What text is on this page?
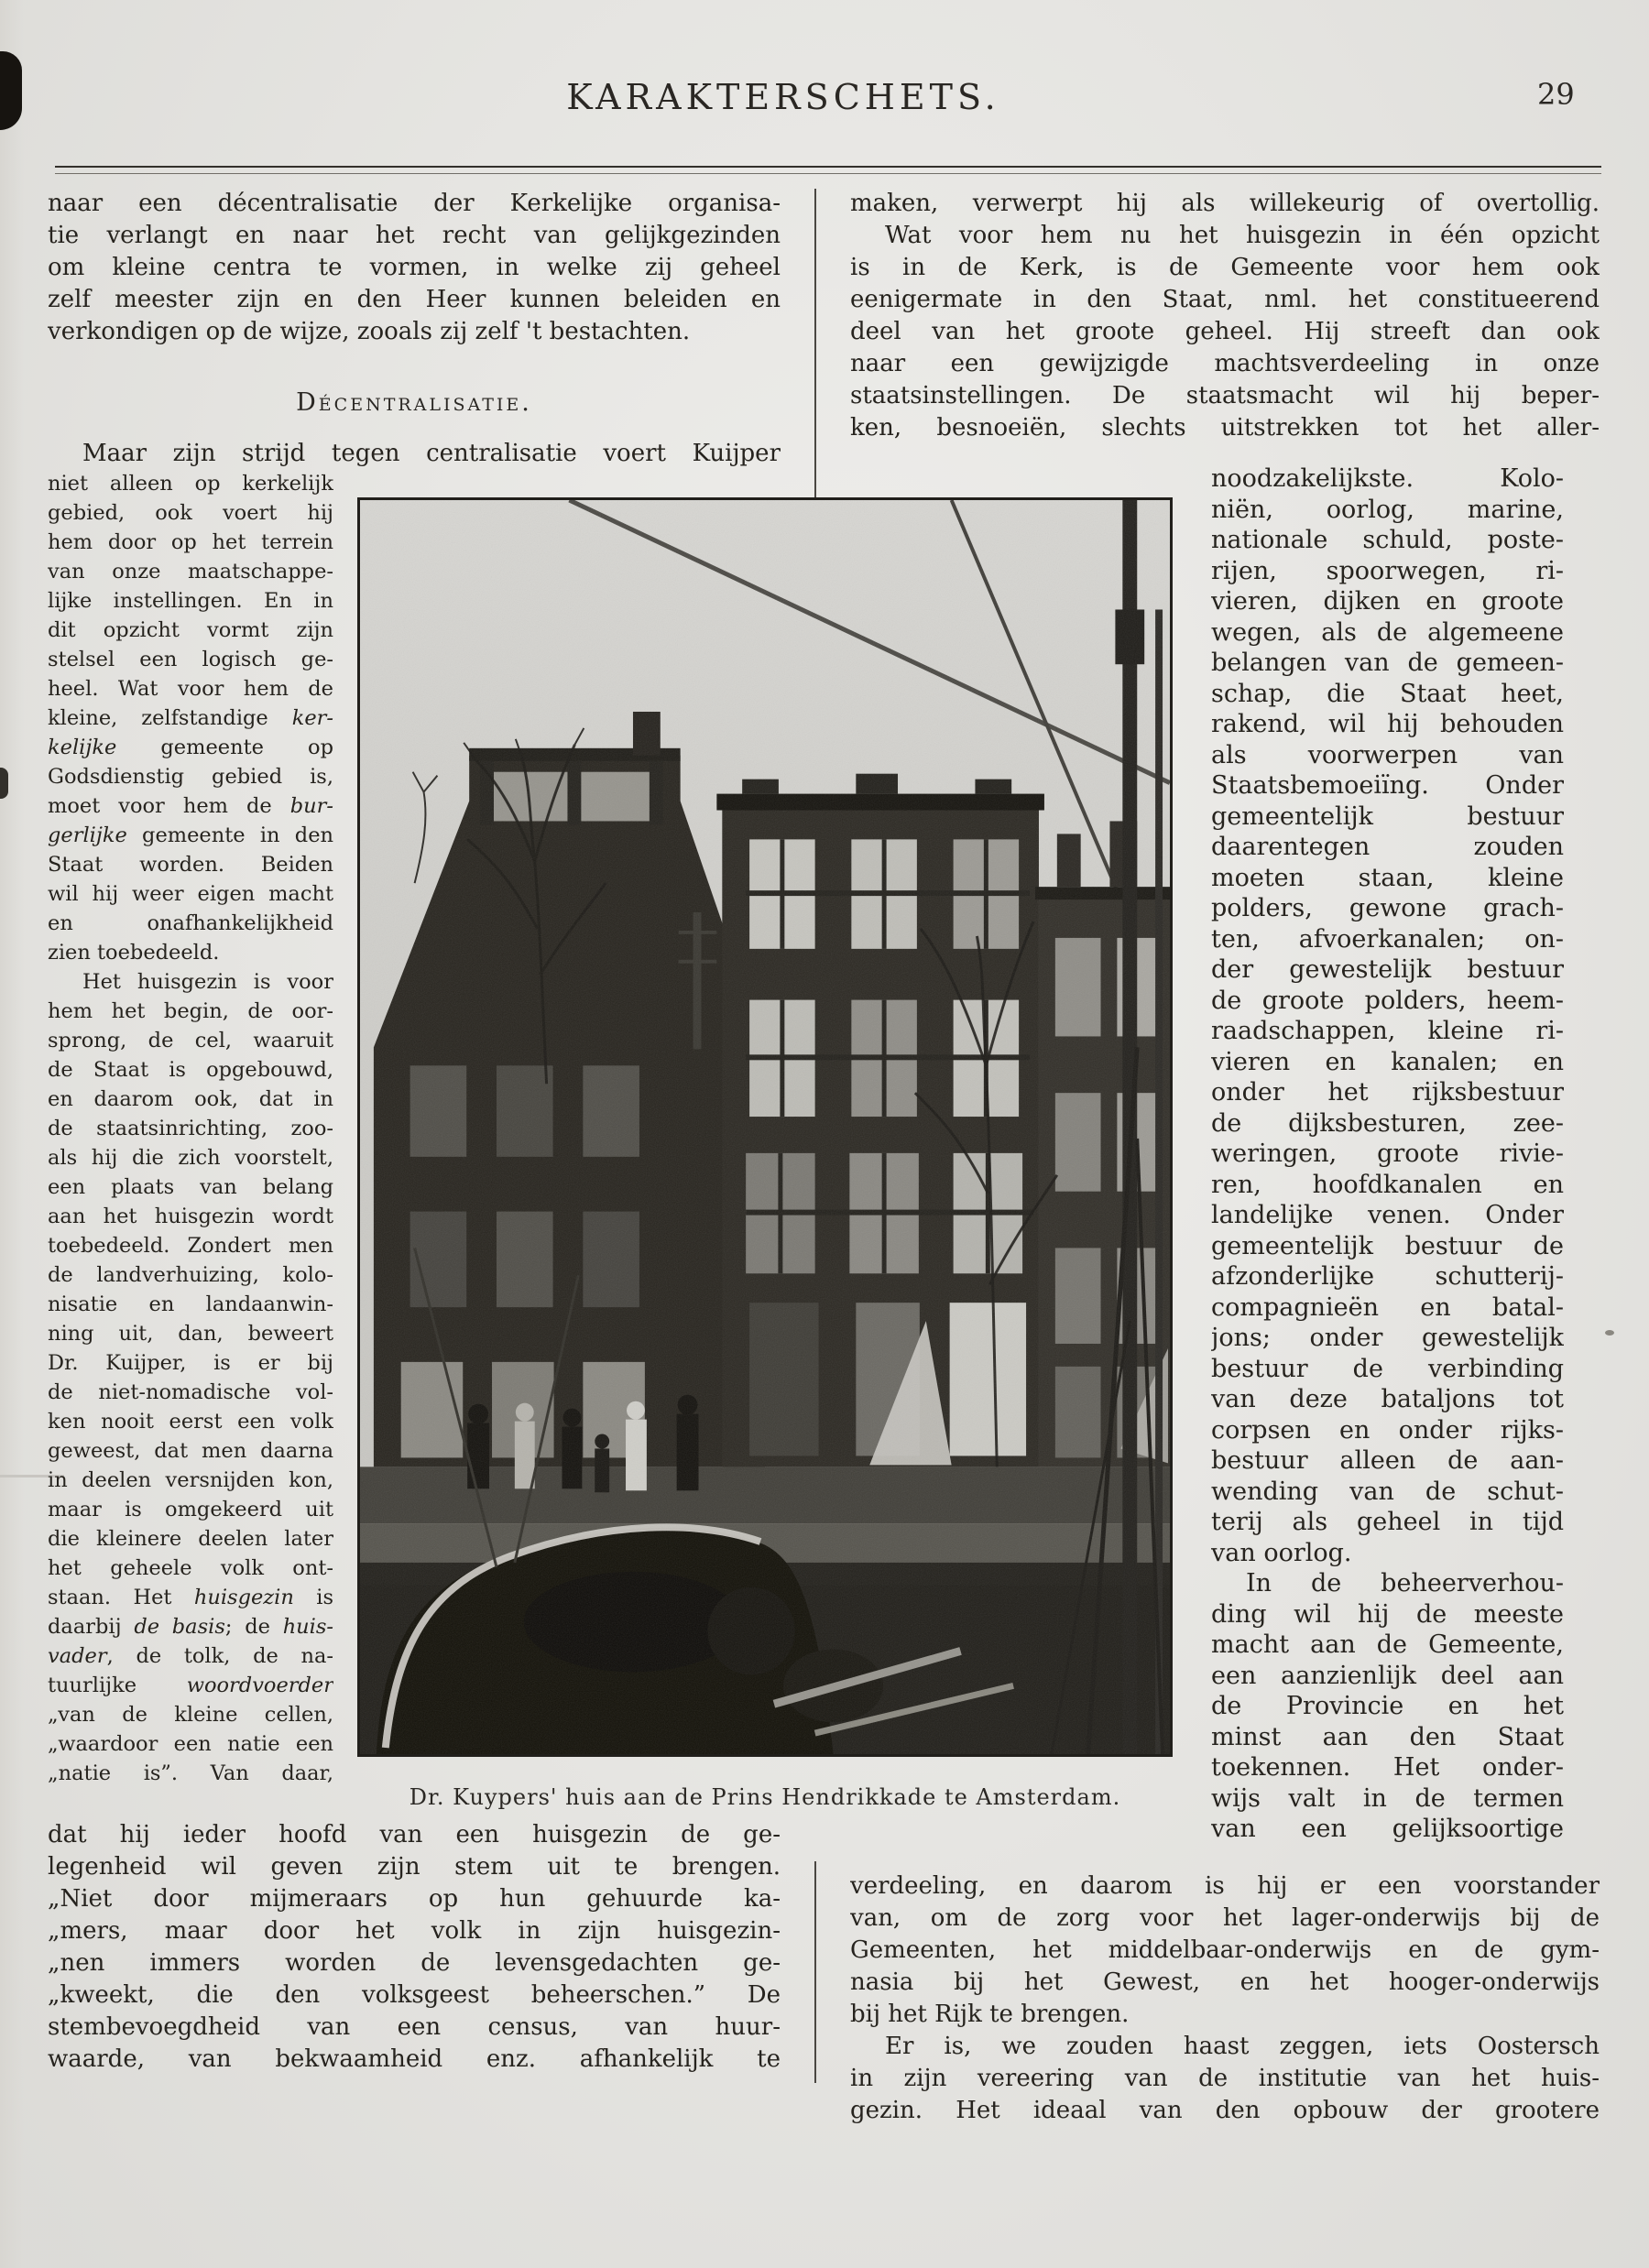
KARAKTERSCHETS.	29
naar een décentralisatie der Kerkelijke organisa-
tie verlangt en naar het recht van gelijkgezinden
om kleine centra te vormen, in welke zij geheel
zelf meester zijn en den Heer kunnen beleiden en
verkondigen op de wijze, zooals zij zelf 't bestachten.
Décentralisatie.
Maar zijn strijd tegen centralisatie voert Kuijper
niet alleen op kerkelijk
gebied, ook voert hij
hem door op het terrein
van onze maatschappe-
lijke instellingen. En in
dit opzicht vormt zijn
stelsel een logisch ge-
heel. Wat voor hem de
kleine, zelfstandige ker-
kelijke gemeente op
Godsdienstig gebied is,
moet voor hem de bur-
gerlijke gemeente in den
Staat worden. Beiden
wil hij weer eigen macht
en onafhankelijkheid
zien toebedeeld.
Het huisgezin is voor
hem het begin, de oor-
sprong, de cel, waaruit
de Staat is opgebouwd,
en daarom ook, dat in
de staatsinrichting, zoo-
als hij die zich voorstelt,
een plaats van belang
aan het huisgezin wordt
toebedeeld. Zondert men
de landverhuizing, kolo-
nisatie en landaanwin-
ning uit, dan, beweert
Dr. Kuijper, is er bij
de niet-nomadische vol-
ken nooit eerst een volk
geweest, dat men daarna
in deelen versnijden kon,
maar is omgekeerd uit
die kleinere deelen later
het geheele volk ont-
staan. Het huisgezin is
daarbij de basis; de huis-
vader, de tolk, de na-
tuurlijke woordvoerder
„van de kleine cellen,
„waardoor een natie een
„natie is”. Van daar,
dat hij ieder hoofd van een huisgezin de ge-
legenheid wil geven zijn stem uit te brengen.
„Niet door mijmeraars op hun gehuurde ka-
„mers, maar door het volk in zijn huisgezin-
„nen immers worden de levensgedachten ge-
„kweekt, die den volksgeest beheerschen.” De
stembevoegdheid van een census, van huur-
waarde, van bekwaamheid enz. afhankelijk te
maken, verwerpt hij als willekeurig of overtollig.
Wat voor hem nu het huisgezin in één opzicht
is in de Kerk, is de Gemeente voor hem ook
eenigermate in den Staat, nml. het constitueerend
deel van het groote geheel. Hij streeft dan ook
naar een gewijzigde machtsverdeeling in onze
staatsinstellingen. De staatsmacht wil hij beper-
ken, besnoeiën, slechts uitstrekken tot het aller-
noodzakelijkste. Kolo-
niën, oorlog, marine,
nationale schuld, poste-
rijen, spoorwegen, ri-
vieren, dijken en groote
wegen, als de algemeene
belangen van de gemeen-
schap, die Staat heet,
rakend, wil hij behouden
als voorwerpen van
Staatsbemoeiïng. Onder
gemeentelijk bestuur
daarentegen zouden
moeten staan, kleine
polders, gewone grach-
ten, afvoerkanalen; on-
der gewestelijk bestuur
de groote polders, heem-
raadschappen, kleine ri-
vieren en kanalen; en
onder het rijksbestuur
de dijksbesturen, zee-
weringen, groote rivie-
ren, hoofdkanalen en
landelijke venen. Onder
gemeentelijk bestuur de
afzonderlijke schutterij-
compagnieën en batal-
jons; onder gewestelijk
bestuur de verbinding
van deze bataljons tot
corpsen en onder rijks-
bestuur alleen de aan-
wending van de schut-
terij als geheel in tijd
van oorlog.
In de beheerverhou-
ding wil hij de meeste
macht aan de Gemeente,
een aanzienlijk deel aan
de Provincie en het
minst aan den Staat
toekennen. Het onder-
wijs valt in de termen
van een gelijksoortige
verdeeling, en daarom is hij er een voorstander
van, om de zorg voor het lager-onderwijs bij de
Gemeenten, het middelbaar-onderwijs en de gym-
nasia bij het Gewest, en het hooger-onderwijs
bij het Rijk te brengen.
Er is, we zouden haast zeggen, iets Oostersch
in zijn vereering van de institutie van het huis-
gezin. Het ideaal van den opbouw der grootere
Dr. Kuypers' huis aan de Prins Hendrikkade te Amsterdam.
